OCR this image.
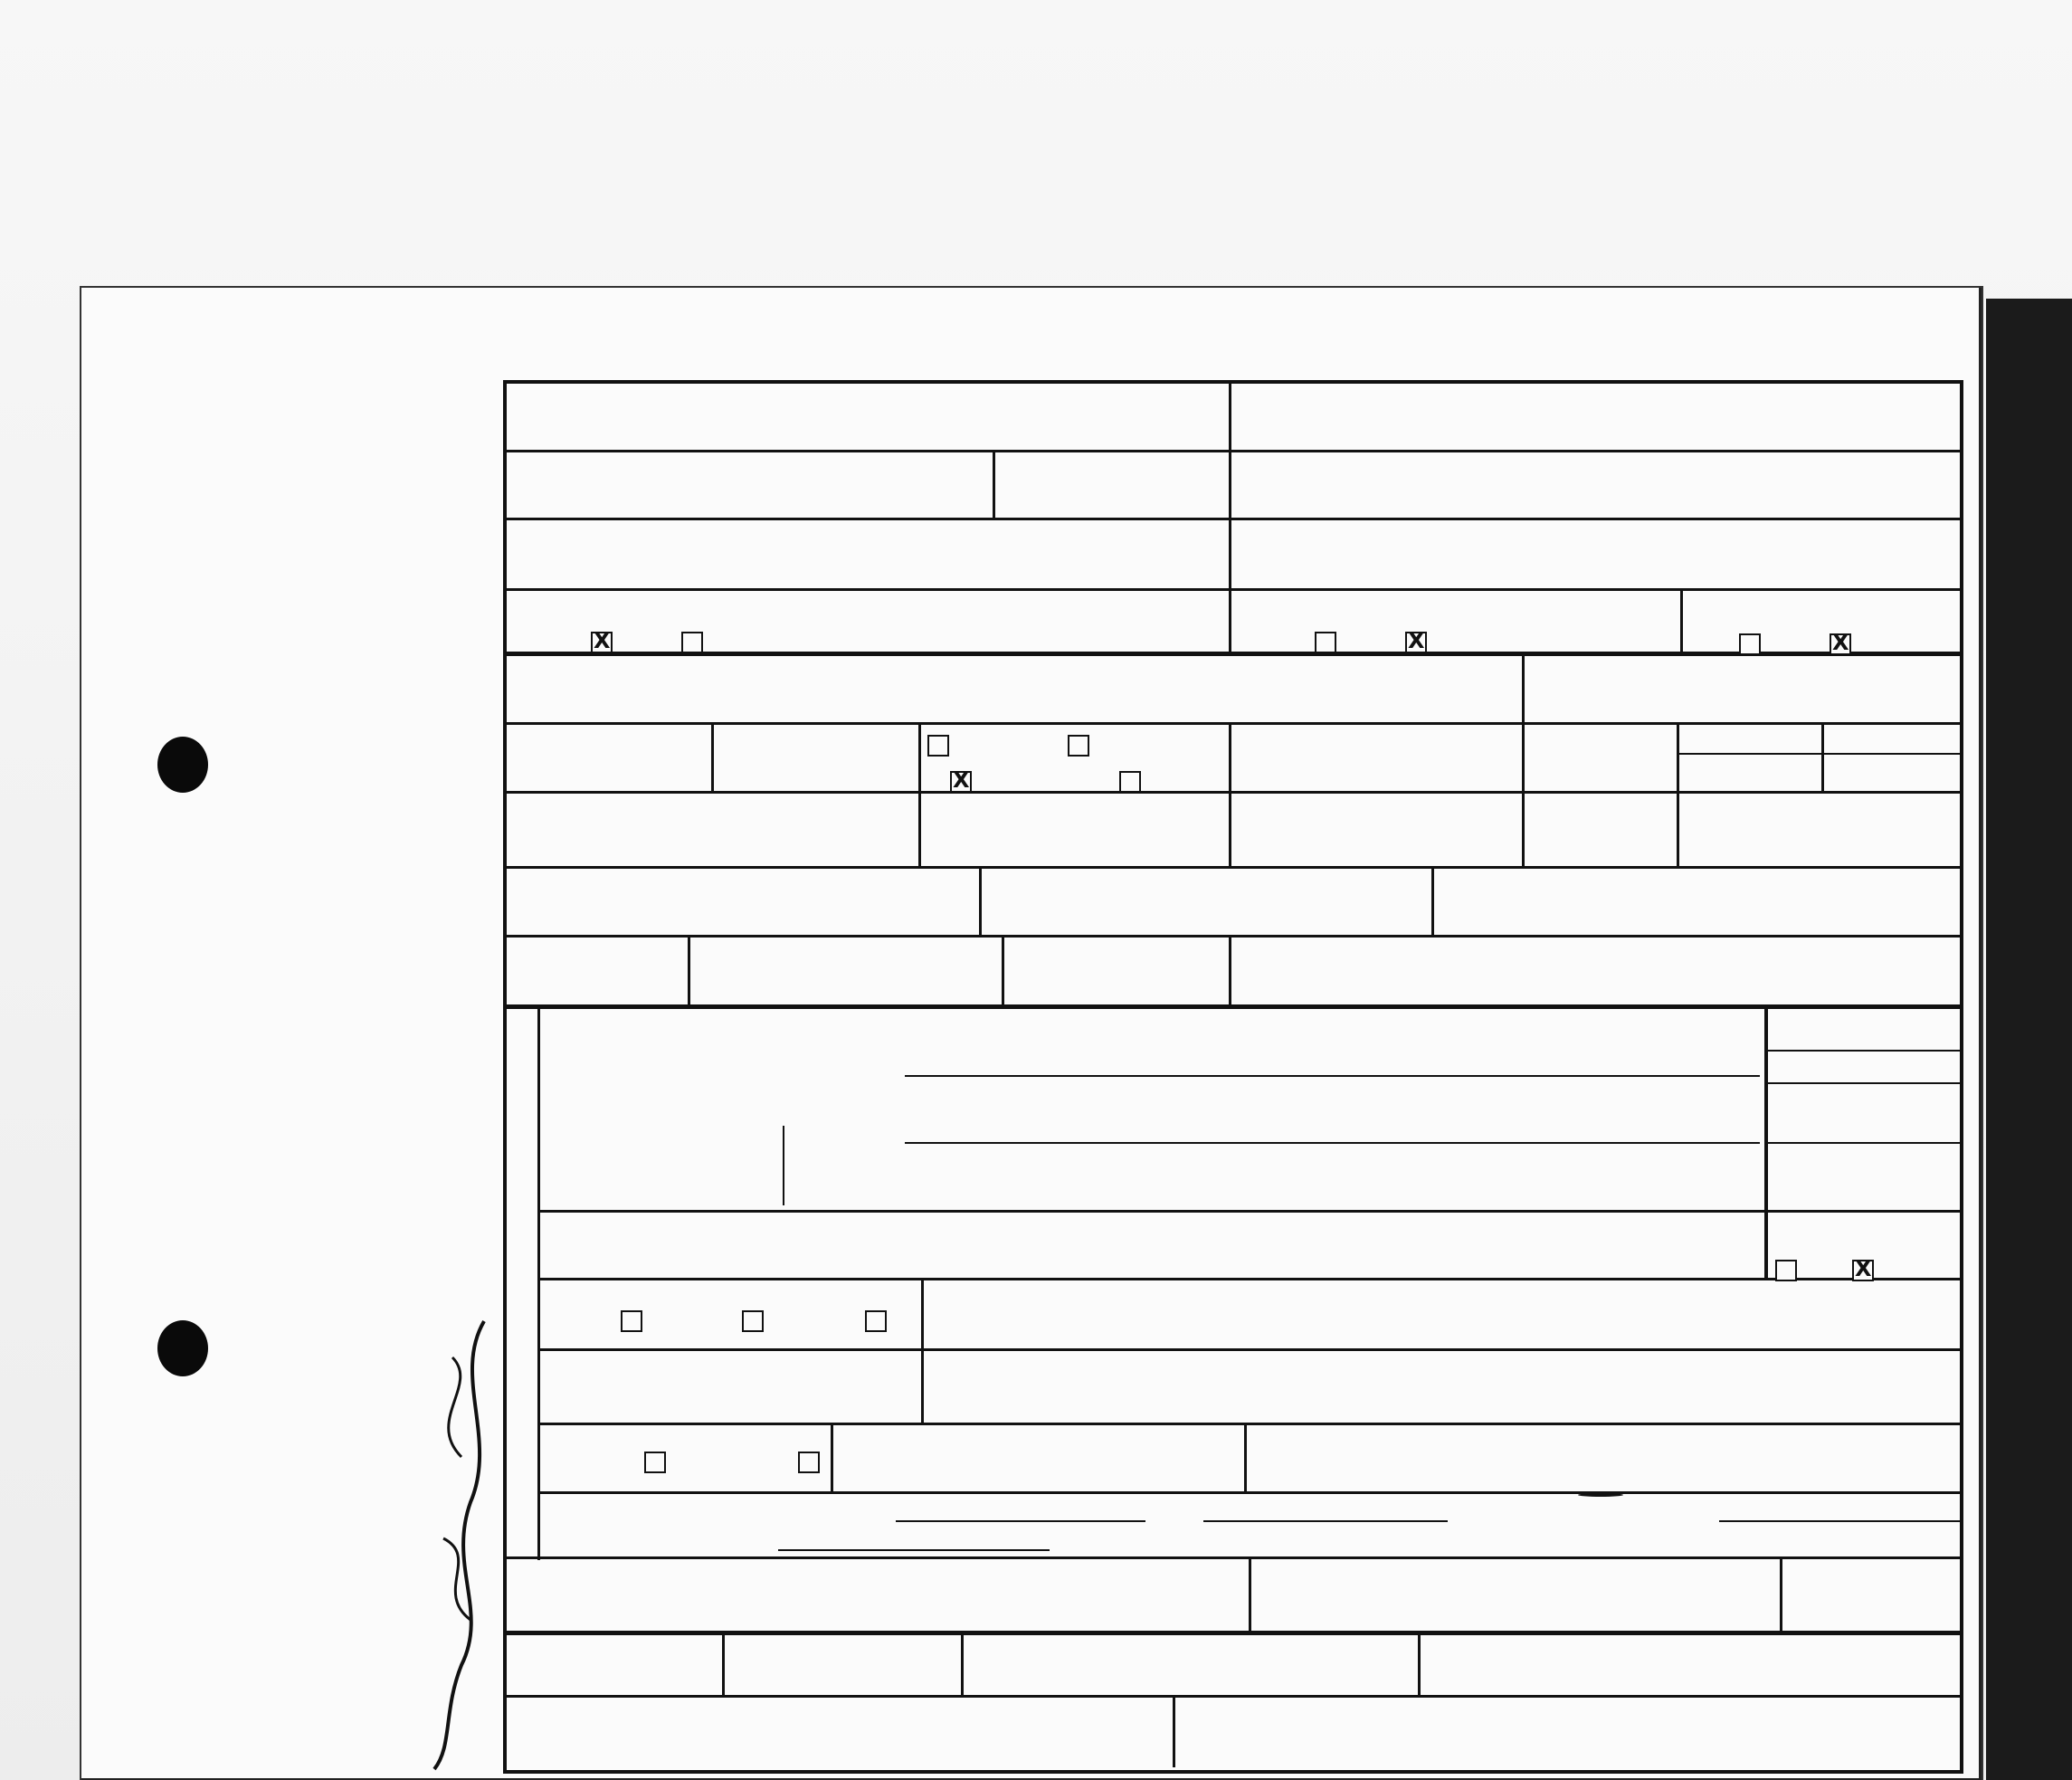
X
X
X
X
X
